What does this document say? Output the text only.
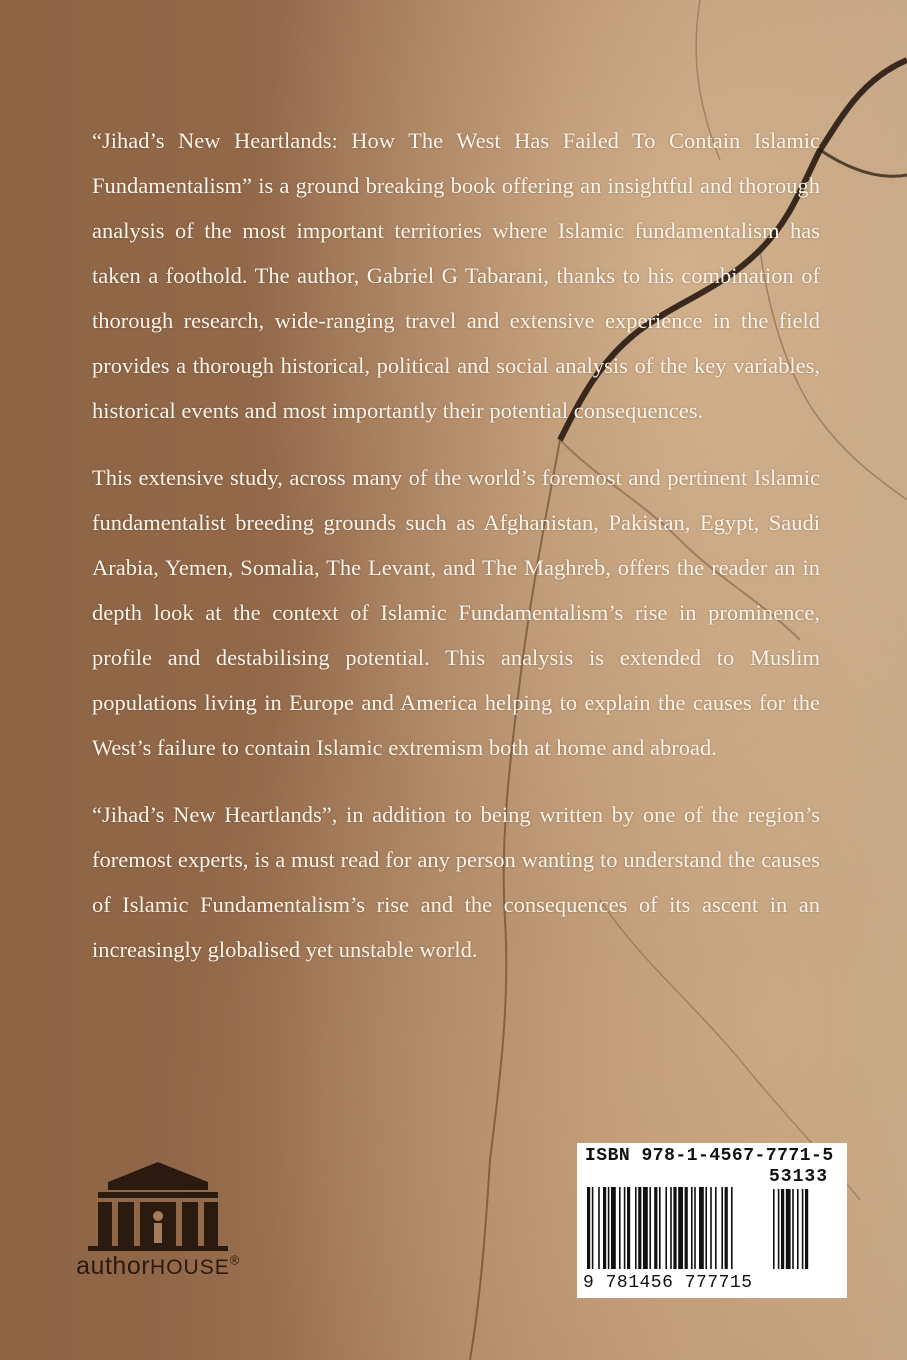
“Jihad’s New Heartlands: How The West Has Failed To Contain Islamic Fundamentalism” is a ground breaking book offering an insightful and thorough analysis of the most important territories where Islamic fundamentalism has taken a foothold. The author, Gabriel G Tabarani, thanks to his combination of thorough research, wide-ranging travel and extensive experience in the field provides a thorough historical, political and social analysis of the key variables, historical events and most importantly their potential consequences.

This extensive study, across many of the world’s foremost and pertinent Islamic fundamentalist breeding grounds such as Afghanistan, Pakistan, Egypt, Saudi Arabia, Yemen, Somalia, The Levant, and The Maghreb, offers the reader an in depth look at the context of Islamic Fundamentalism’s rise in prominence, profile and destabilising potential. This analysis is extended to Muslim populations living in Europe and America helping to explain the causes for the West’s failure to contain Islamic extremism both at home and abroad.

“Jihad’s New Heartlands”, in addition to being written by one of the region’s foremost experts, is a must read for any person wanting to understand the causes of Islamic Fundamentalism’s rise and the consequences of its ascent in an increasingly globalised yet unstable world.

authorHOUSE®
ISBN 978-1-4567-7771-5
53133
9 781456 777715
